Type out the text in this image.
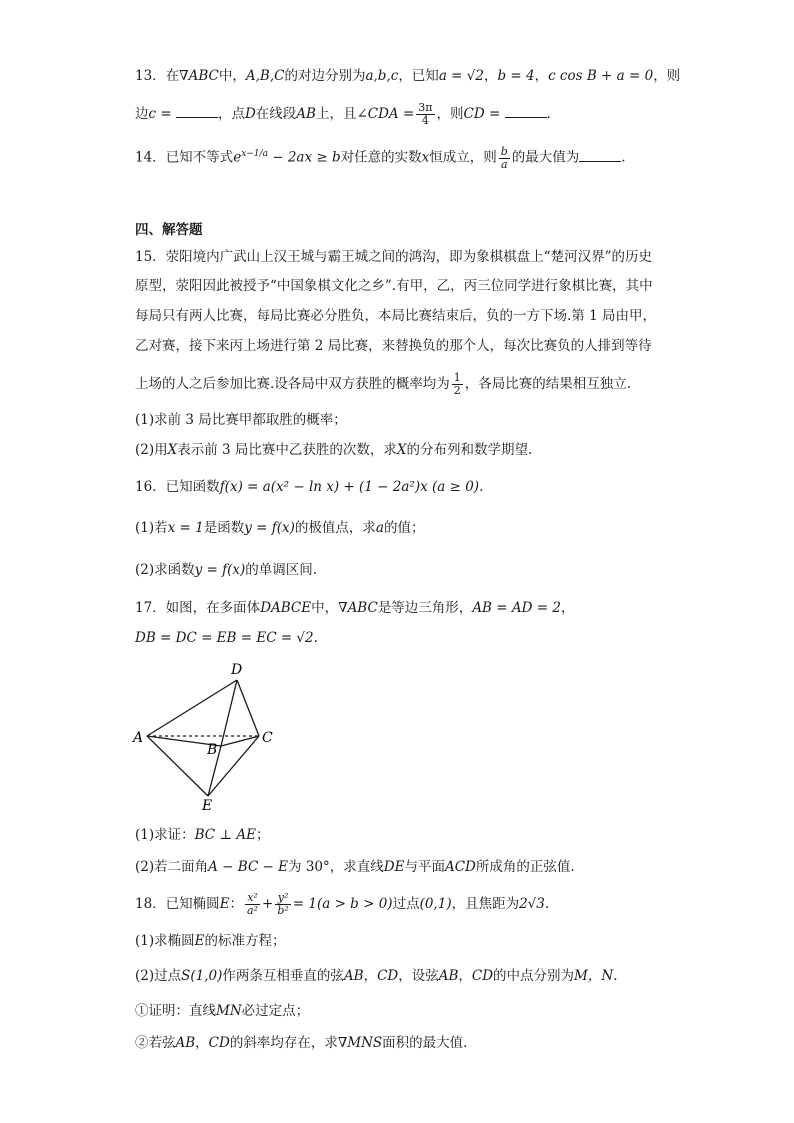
13．在∇ABC中，A,B,C的对边分别为a,b,c，已知a = √2，b = 4，c cos B + a = 0，则
边c =	，点D在线段AB上，且∠CDA = $\frac{3\pi}{4}$ ，则CD =	．
14．已知不等式$e^{x-1/a} - 2ax \ge b$对任意的实数x恒成立，则 $\frac{b}{a}$ 的最大值为	.
四、解答题
15．荥阳境内广武山上汉王城与霸王城之间的鸿沟，即为象棋棋盘上“楚河汉界”的历史
原型，荥阳因此被授予“中国象棋文化之乡”.有甲，乙，丙三位同学进行象棋比赛，其中
每局只有两人比赛，每局比赛必分胜负，本局比赛结束后，负的一方下场.第 1 局由甲，
乙对赛，接下来丙上场进行第 2 局比赛，来替换负的那个人，每次比赛负的人排到等待
上场的人之后参加比赛.设各局中双方获胜的概率均为 $\frac{1}{2}$ ，各局比赛的结果相互独立.
(1)求前 3 局比赛甲都取胜的概率；
(2)用X表示前 3 局比赛中乙获胜的次数，求X的分布列和数学期望.
16．已知函数f(x) = a(x² − ln x) + (1 − 2a²)x (a ≥ 0).
(1)若x = 1是函数y = f(x)的极值点，求a的值；
(2)求函数y = f(x)的单调区间.
17．如图，在多面体DABCE中，∇ABC是等边三角形，AB = AD = 2，
DB = DC = EB = EC = √2.
D
A
B
C
E
(1)求证：BC ⊥ AE；
(2)若二面角A − BC − E为 30°，求直线DE与平面ACD所成角的正弦值.
18．已知椭圆E： $\frac{\text{x²}}{\text{a²}} + \frac{\text{y²}}{\text{b²}} = 1(a > b > 0)$过点(0,1)，且焦距为2√3.
(1)求椭圆E的标准方程；
(2)过点S(1,0)作两条互相垂直的弦AB，CD，设弦AB，CD的中点分别为M，N.
①证明：直线MN必过定点；
②若弦AB，CD的斜率均存在，求∇MNS面积的最大值.
